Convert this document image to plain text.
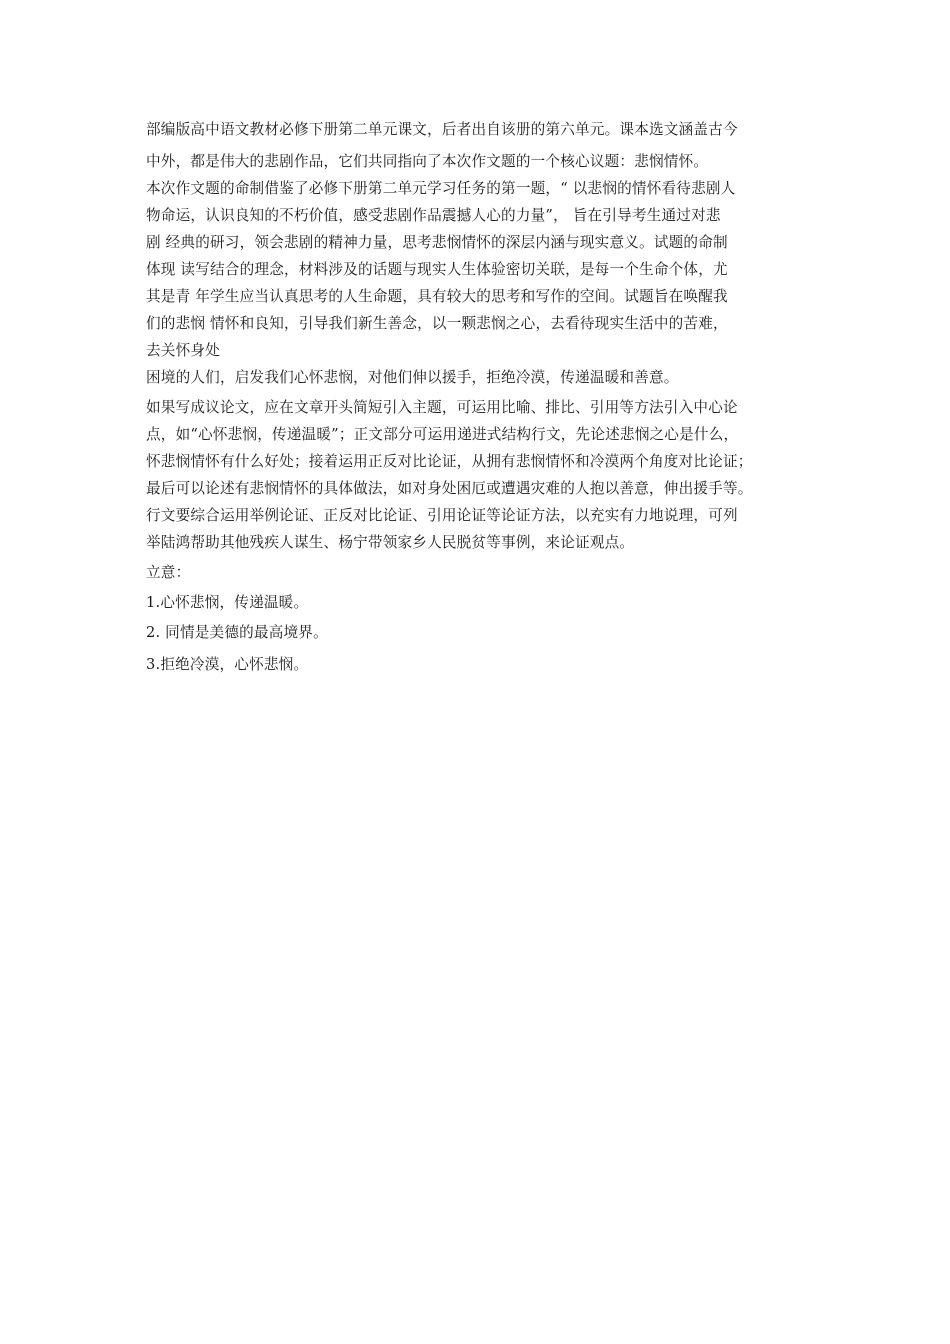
部编版高中语文教材必修下册第二单元课文，后者出自该册的第六单元。课本选文涵盖古今

中外，都是伟大的悲剧作品，它们共同指向了本次作文题的一个核心议题：悲悯情怀。

本次作文题的命制借鉴了必修下册第二单元学习任务的第一题，“ 以悲悯的情怀看待悲剧人

物命运，认识良知的不朽价值，感受悲剧作品震撼人心的力量”， 旨在引导考生通过对悲

剧 经典的研习，领会悲剧的精神力量，思考悲悯情怀的深层内涵与现实意义。试题的命制

体现 读写结合的理念，材料涉及的话题与现实人生体验密切关联，是每一个生命个体，尤

其是青 年学生应当认真思考的人生命题，具有较大的思考和写作的空间。试题旨在唤醒我

们的悲悯 情怀和良知，引导我们新生善念，以一颗悲悯之心，去看待现实生活中的苦难，

去关怀身处

困境的人们，启发我们心怀悲悯，对他们伸以援手，拒绝冷漠，传递温暖和善意。

如果写成议论文，应在文章开头简短引入主题，可运用比喻、排比、引用等方法引入中心论

点，如“心怀悲悯，传递温暖”；正文部分可运用递进式结构行文，先论述悲悯之心是什么，

怀悲悯情怀有什么好处；接着运用正反对比论证，从拥有悲悯情怀和冷漠两个角度对比论证；

最后可以论述有悲悯情怀的具体做法，如对身处困厄或遭遇灾难的人抱以善意，伸出援手等。

行文要综合运用举例论证、正反对比论证、引用论证等论证方法，以充实有力地说理，可列

举陆鸿帮助其他残疾人谋生、杨宁带领家乡人民脱贫等事例，来论证观点。

立意：

1.心怀悲悯，传递温暖。

2. 同情是美德的最高境界。

3.拒绝冷漠，心怀悲悯。
